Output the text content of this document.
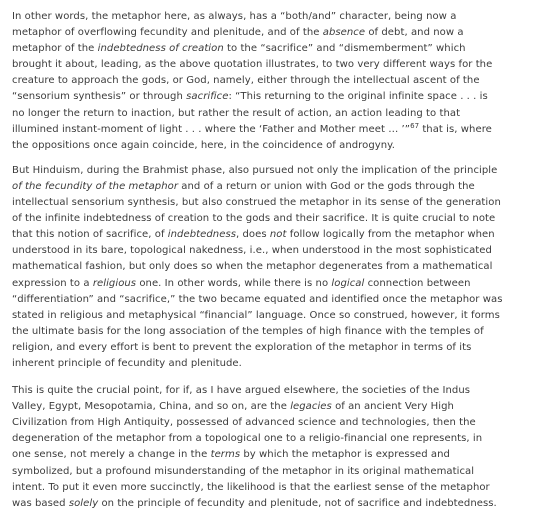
In other words, the metaphor here, as always, has a “both/and” character, being now a
metaphor of overflowing fecundity and plenitude, and of the absence of debt, and now a
metaphor of the indebtedness of creation to the “sacrifice” and “dismemberment” which
brought it about, leading, as the above quotation illustrates, to two very different ways for the
creature to approach the gods, or God, namely, either through the intellectual ascent of the
“sensorium synthesis” or through sacrifice: “This returning to the original infinite space . . . is
no longer the return to inaction, but rather the result of action, an action leading to that
illumined instant-moment of light . . . where the ‘Father and Mother meet … ’”$^{67}$ that is, where
the oppositions once again coincide, here, in the coincidence of androgyny.

But Hinduism, during the Brahmist phase, also pursued not only the implication of the principle
of the fecundity of the metaphor and of a return or union with God or the gods through the
intellectual sensorium synthesis, but also construed the metaphor in its sense of the generation
of the infinite indebtedness of creation to the gods and their sacrifice. It is quite crucial to note
that this notion of sacrifice, of indebtedness, does not follow logically from the metaphor when
understood in its bare, topological nakedness, i.e., when understood in the most sophisticated
mathematical fashion, but only does so when the metaphor degenerates from a mathematical
expression to a religious one. In other words, while there is no logical connection between
“differentiation” and “sacrifice,” the two became equated and identified once the metaphor was
stated in religious and metaphysical “financial” language. Once so construed, however, it forms
the ultimate basis for the long association of the temples of high finance with the temples of
religion, and every effort is bent to prevent the exploration of the metaphor in terms of its
inherent principle of fecundity and plenitude.

This is quite the crucial point, for if, as I have argued elsewhere, the societies of the Indus
Valley, Egypt, Mesopotamia, China, and so on, are the legacies of an ancient Very High
Civilization from High Antiquity, possessed of advanced science and technologies, then the
degeneration of the metaphor from a topological one to a religio-financial one represents, in
one sense, not merely a change in the terms by which the metaphor is expressed and
symbolized, but a profound misunderstanding of the metaphor in its original mathematical
intent. To put it even more succinctly, the likelihood is that the earliest sense of the metaphor
was based solely on the principle of fecundity and plenitude, not of sacrifice and indebtedness.
